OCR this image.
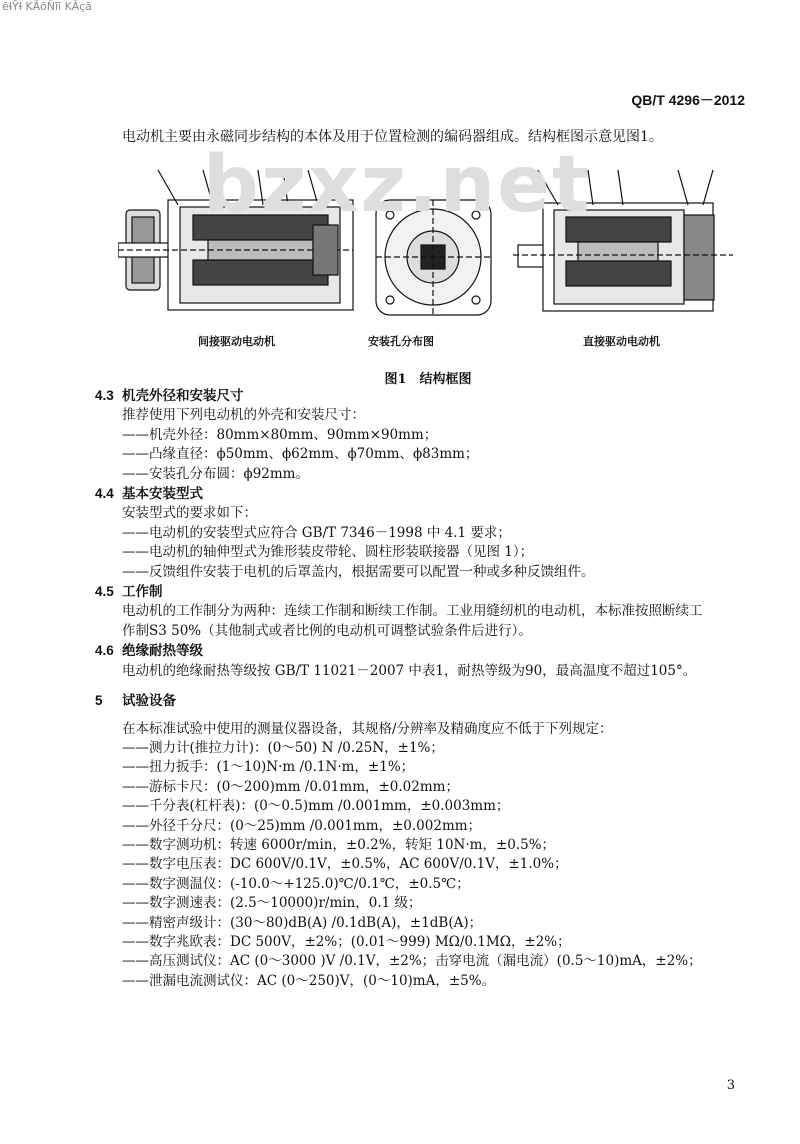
ēƗŶƗ KĀōŇīī KĀçā
QB/T 4296－2012
电动机主要由永磁同步结构的本体及用于位置检测的编码器组成。结构框图示意见图1。
bzxz.net
间接驱动电动机	安装孔分布图	直接驱动电动机
图1　结构框图
4.3 机壳外径和安装尺寸
推荐使用下列电动机的外壳和安装尺寸：
——机壳外径：80mm×80mm、90mm×90mm；
——凸缘直径：ϕ50mm、ϕ62mm、ϕ70mm、ϕ83mm；
——安装孔分布圆：ϕ92mm。
4.4 基本安装型式
安装型式的要求如下：
——电动机的安装型式应符合 GB/T 7346－1998 中 4.1 要求；
——电动机的轴伸型式为锥形装皮带轮、圆柱形装联接器（见图 1）；
——反馈组件安装于电机的后罩盖内，根据需要可以配置一种或多种反馈组件。
4.5 工作制
电动机的工作制分为两种：连续工作制和断续工作制。工业用缝纫机的电动机，本标准按照断续工
作制S3 50%（其他制式或者比例的电动机可调整试验条件后进行）。
4.6 绝缘耐热等级
电动机的绝缘耐热等级按 GB/T 11021－2007 中表1，耐热等级为90，最高温度不超过105°。
5 试验设备
在本标准试验中使用的测量仪器设备，其规格/分辨率及精确度应不低于下列规定：
——测力计(推拉力计)：(0～50) N /0.25N，±1%；
——扭力扳手：(1～10)N·m /0.1N·m，±1%；
——游标卡尺：(0～200)mm /0.01mm，±0.02mm；
——千分表(杠杆表)：(0～0.5)mm /0.001mm，±0.003mm；
——外径千分尺：(0～25)mm /0.001mm，±0.002mm；
——数字测功机：转速 6000r/min，±0.2%，转矩 10N·m，±0.5%；
——数字电压表：DC 600V/0.1V，±0.5%，AC 600V/0.1V，±1.0%；
——数字测温仪：(-10.0～+125.0)℃/0.1℃，±0.5℃；
——数字测速表：(2.5～10000)r/min，0.1 级；
——精密声级计：(30～80)dB(A) /0.1dB(A)，±1dB(A)；
——数字兆欧表：DC 500V，±2%；(0.01～999) MΩ/0.1MΩ，±2%；
——高压测试仪：AC (0～3000 )V /0.1V，±2%；击穿电流（漏电流）(0.5～10)mA，±2%；
——泄漏电流测试仪：AC (0～250)V，(0～10)mA，±5%。
3
